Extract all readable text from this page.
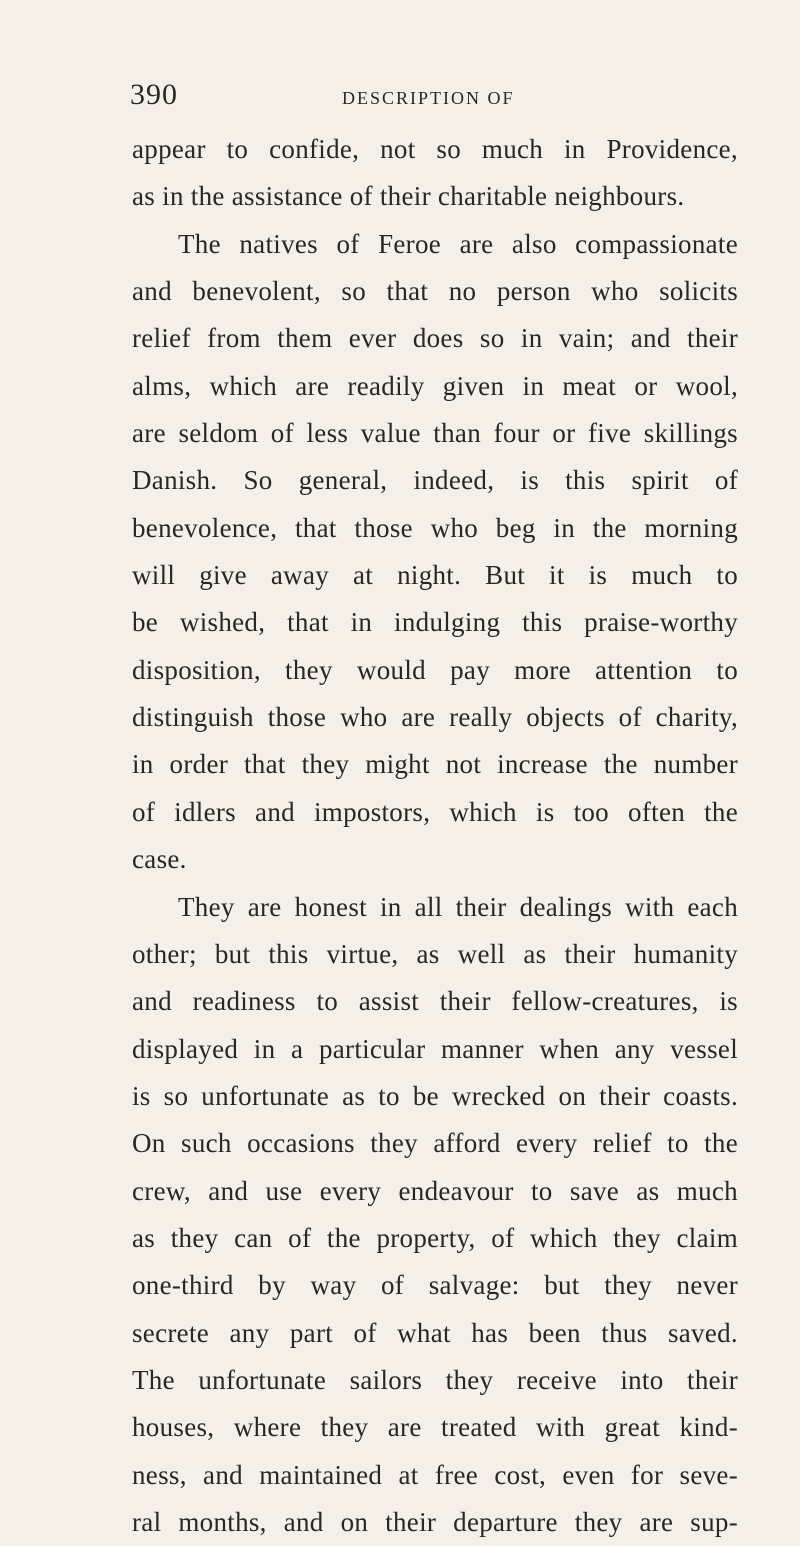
390	DESCRIPTION OF
appear to confide, not so much in Providence,
as in the assistance of their charitable neighbours.
The natives of Feroe are also compassionate
and benevolent, so that no person who solicits
relief from them ever does so in vain; and their
alms, which are readily given in meat or wool,
are seldom of less value than four or five skillings
Danish. So general, indeed, is this spirit of
benevolence, that those who beg in the morning
will give away at night. But it is much to
be wished, that in indulging this praise-worthy
disposition, they would pay more attention to
distinguish those who are really objects of charity,
in order that they might not increase the number
of idlers and impostors, which is too often the
case.
They are honest in all their dealings with each
other; but this virtue, as well as their humanity
and readiness to assist their fellow-creatures, is
displayed in a particular manner when any vessel
is so unfortunate as to be wrecked on their coasts.
On such occasions they afford every relief to the
crew, and use every endeavour to save as much
as they can of the property, of which they claim
one-third by way of salvage: but they never
secrete any part of what has been thus saved.
The unfortunate sailors they receive into their
houses, where they are treated with great kind-
ness, and maintained at free cost, even for seve-
ral months, and on their departure they are sup-
